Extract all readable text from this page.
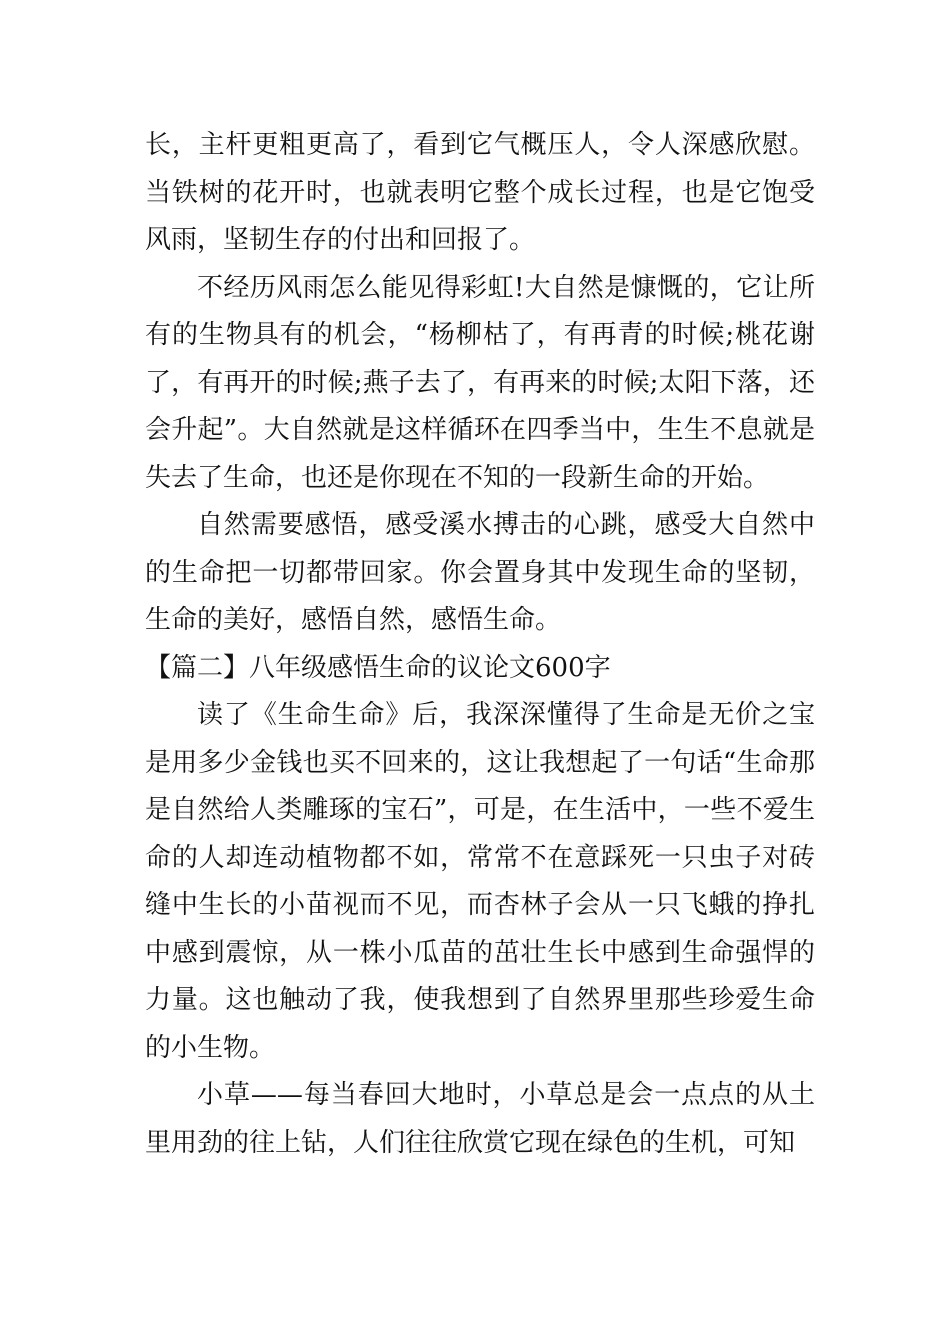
长，主杆更粗更高了，看到它气概压人，令人深感欣慰。当铁树的花开时，也就表明它整个成长过程，也是它饱受风雨，坚韧生存的付出和回报了。

不经历风雨怎么能见得彩虹!大自然是慷慨的，它让所有的生物具有的机会，“杨柳枯了，有再青的时候;桃花谢了，有再开的时候;燕子去了，有再来的时候;太阳下落，还会升起”。大自然就是这样循环在四季当中，生生不息就是失去了生命，也还是你现在不知的一段新生命的开始。

自然需要感悟，感受溪水搏击的心跳，感受大自然中的生命把一切都带回家。你会置身其中发现生命的坚韧，生命的美好，感悟自然，感悟生命。

【篇二】八年级感悟生命的议论文600字

读了《生命生命》后，我深深懂得了生命是无价之宝是用多少金钱也买不回来的，这让我想起了一句话“生命那是自然给人类雕琢的宝石”，可是，在生活中，一些不爱生命的人却连动植物都不如，常常不在意踩死一只虫子对砖缝中生长的小苗视而不见，而杏林子会从一只飞蛾的挣扎中感到震惊，从一株小瓜苗的茁壮生长中感到生命强悍的力量。这也触动了我，使我想到了自然界里那些珍爱生命的小生物。

小草——每当春回大地时，小草总是会一点点的从土里用劲的往上钻，人们往往欣赏它现在绿色的生机，可知
